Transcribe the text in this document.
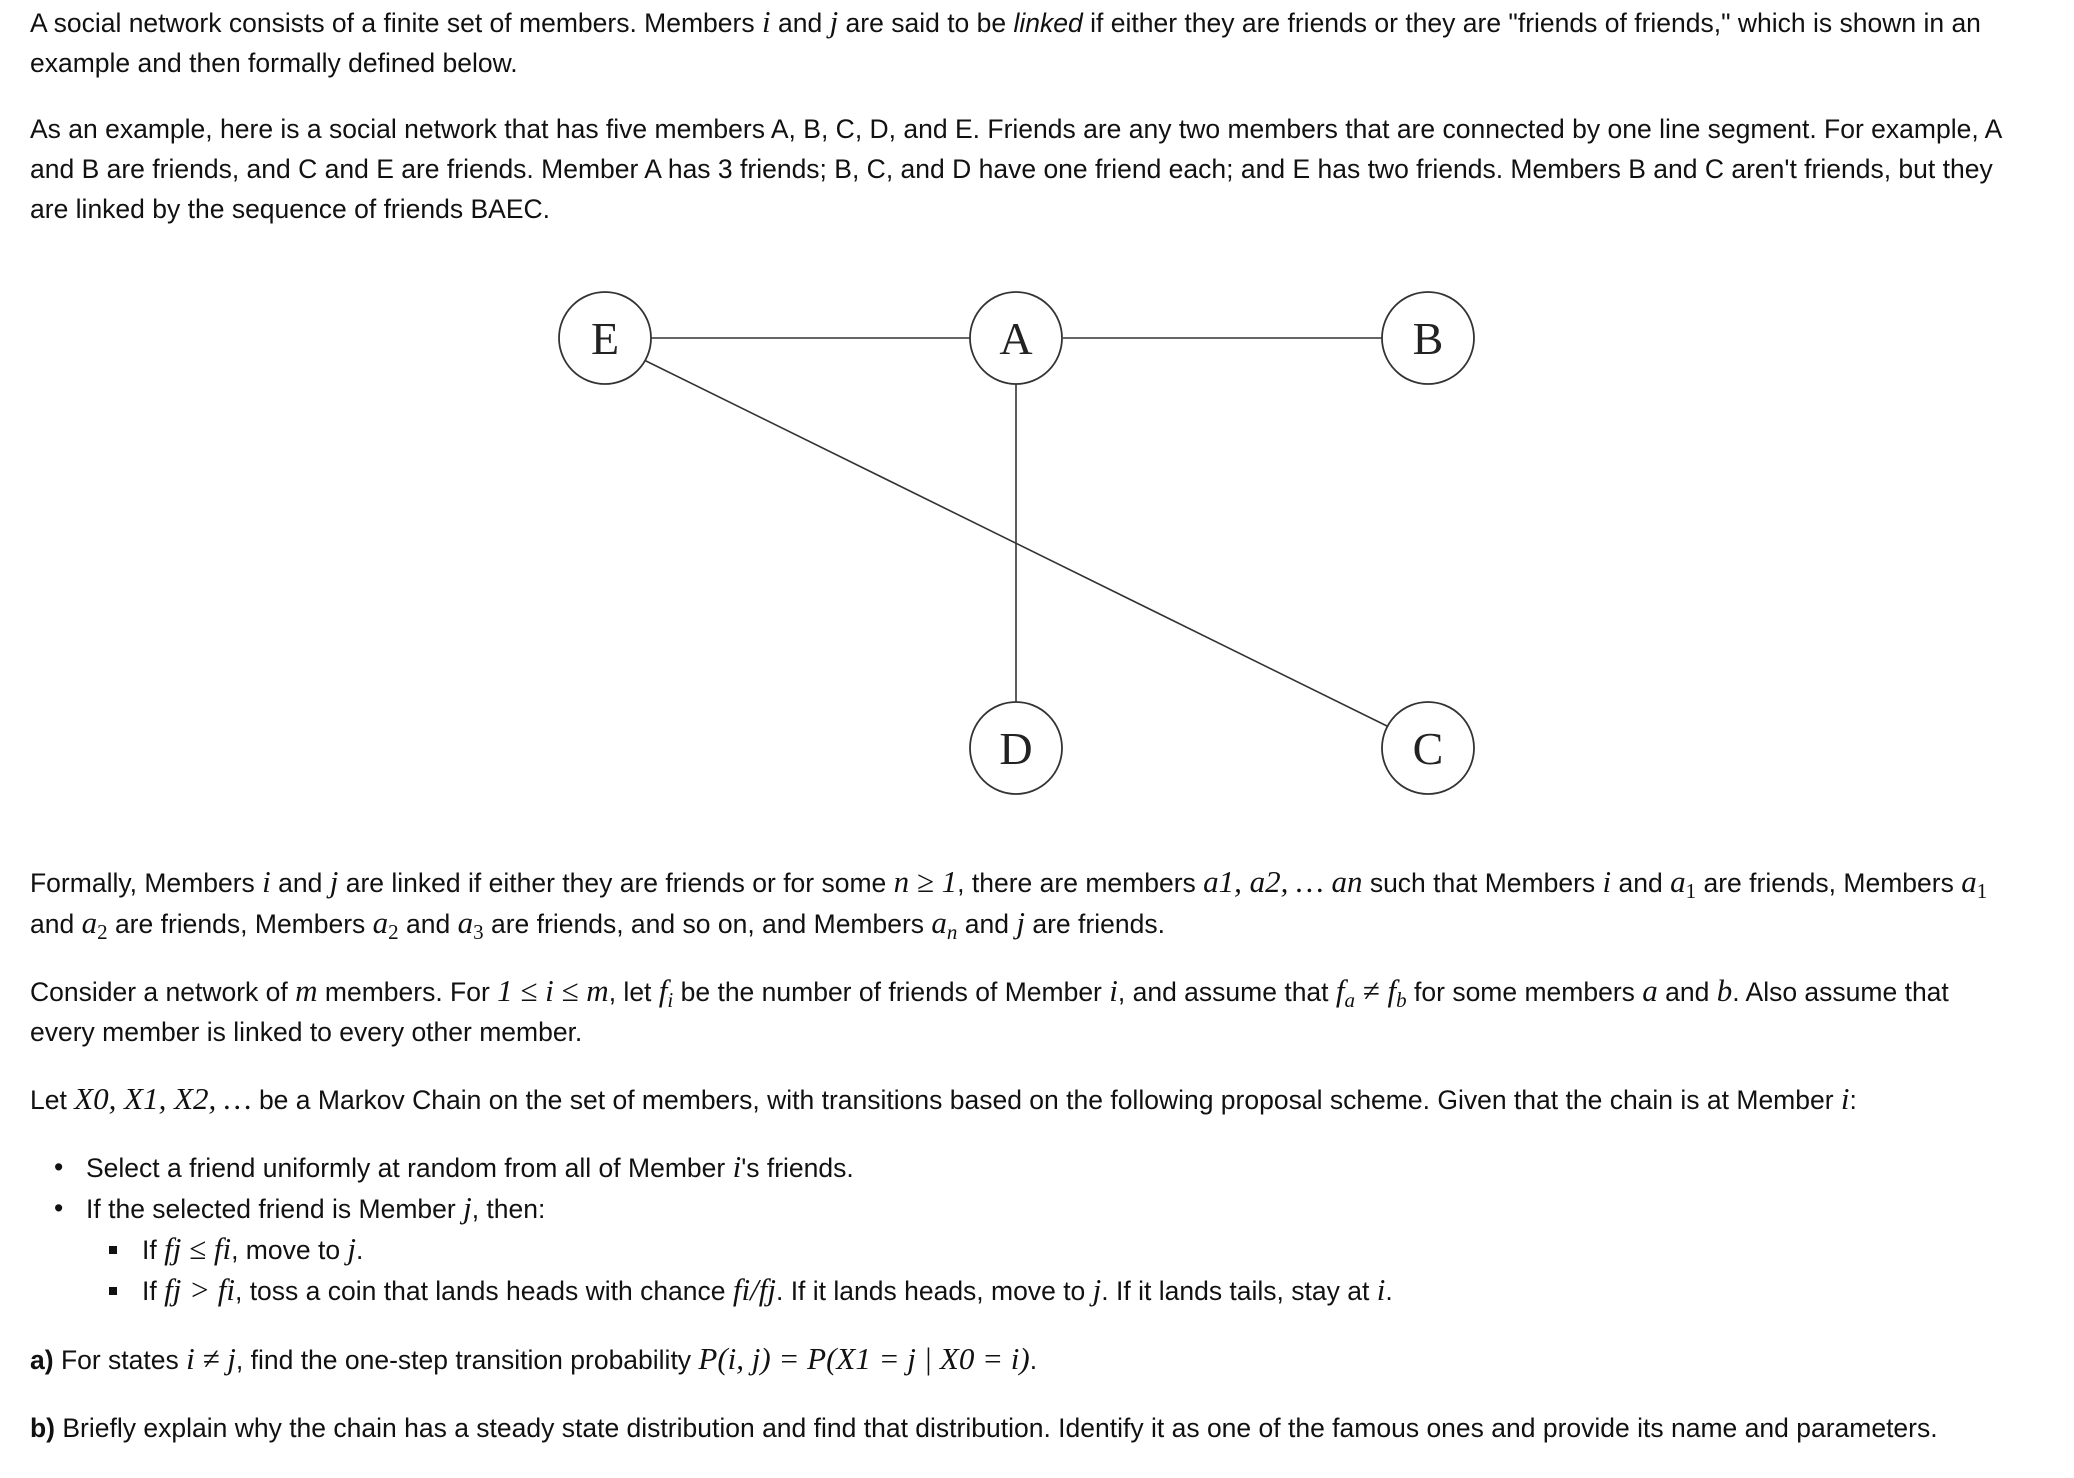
E	A	B
D	C

A social network consists of a finite set of members. Members i and j are said to be linked if either they are friends or they are "friends of friends," which is shown in an example and then formally defined below.

As an example, here is a social network that has five members A, B, C, D, and E. Friends are any two members that are connected by one line segment. For example, A and B are friends, and C and E are friends. Member A has 3 friends; B, C, and D have one friend each; and E has two friends. Members B and C aren't friends, but they are linked by the sequence of friends BAEC.

Formally, Members i and j are linked if either they are friends or for some n ≥ 1, there are members a1, a2, … an such that Members i and $a_1$ are friends, Members $a_1$ and $a_2$ are friends, Members $a_2$ and $a_3$ are friends, and so on, and Members $a_n$ and j are friends.

Consider a network of m members. For 1 ≤ i ≤ m, let $f_i$ be the number of friends of Member i, and assume that $f_a \ne f_b$ for some members a and b. Also assume that every member is linked to every other member.

Let X0, X1, X2, … be a Markov Chain on the set of members, with transitions based on the following proposal scheme. Given that the chain is at Member i:

• Select a friend uniformly at random from all of Member i's friends.
• If the selected friend is Member j, then:
If fj ≤ fi, move to j.
If fj > fi, toss a coin that lands heads with chance fi/fj. If it lands heads, move to j. If it lands tails, stay at i.

a) For states i ≠ j, find the one-step transition probability P(i, j) = P(X1 = j | X0 = i).

b) Briefly explain why the chain has a steady state distribution and find that distribution. Identify it as one of the famous ones and provide its name and parameters.
